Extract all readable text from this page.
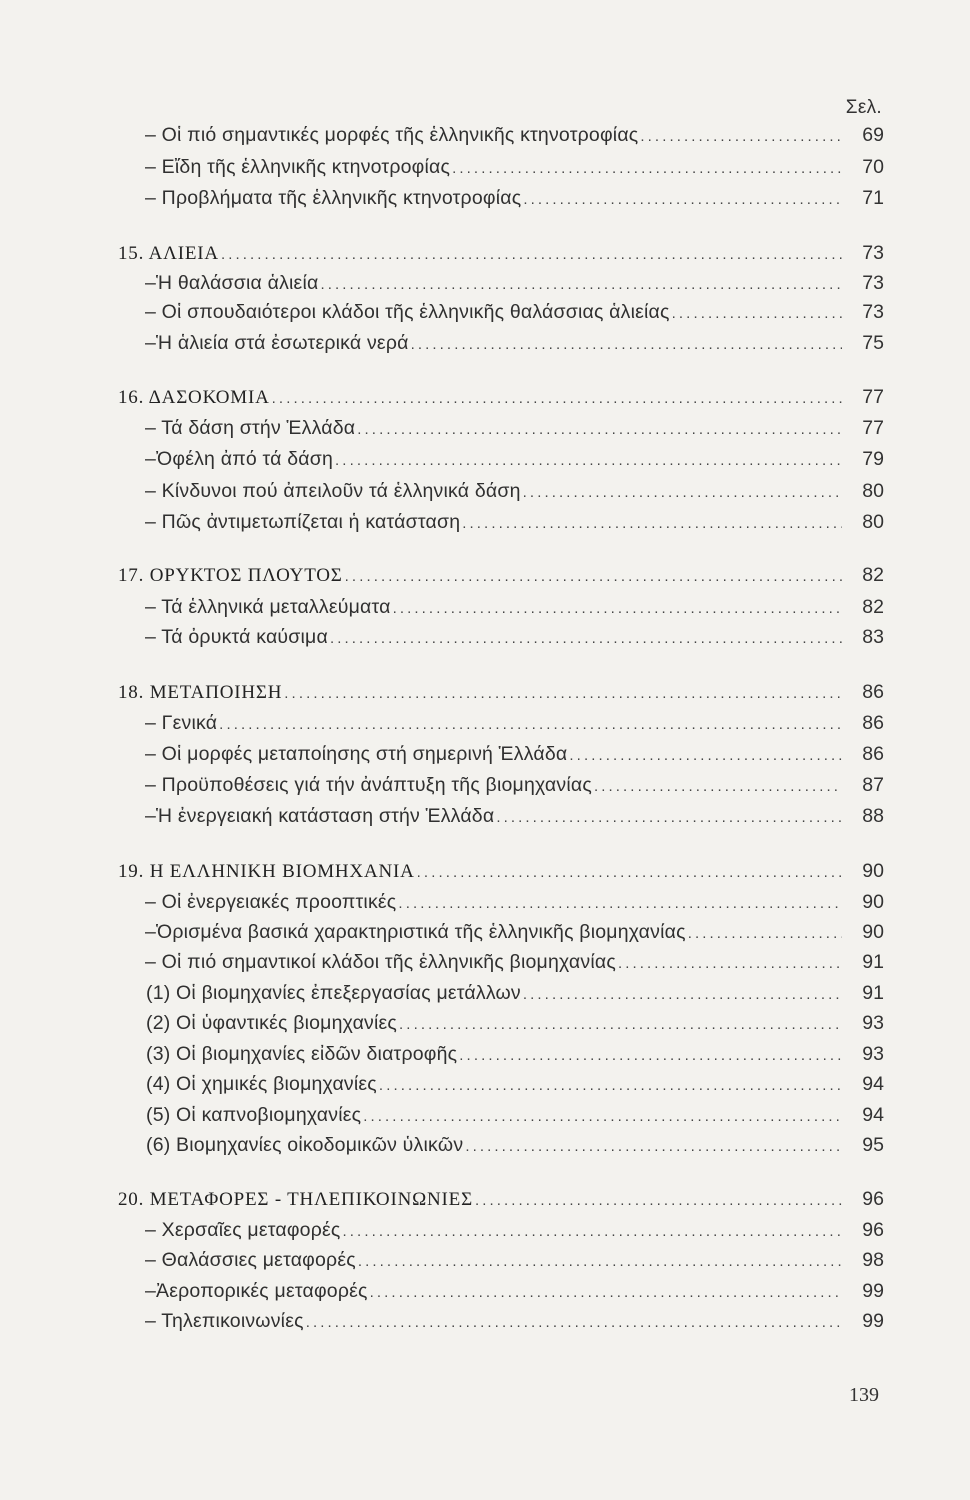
Σελ.
– Οἱ πιό σημαντικές μορφές τῆς ἑλληνικῆς κτηνοτροφίας .....	69
– Εἴδη τῆς ἑλληνικῆς κτηνοτροφίας .....	70
– Προβλήματα τῆς ἑλληνικῆς κτηνοτροφίας .....	71
15. ΑΛΙΕΙΑ .....	73
–Ἡ θαλάσσια ἁλιεία .....	73
– Οἱ σπουδαιότεροι κλάδοι τῆς ἑλληνικῆς θαλάσσιας ἁλιείας .....	73
–Ἡ ἁλιεία στά ἐσωτερικά νερά .....	75
16. ΔΑΣΟΚΟΜΙΑ .....	77
– Τά δάση στήν Ἑλλάδα .....	77
–Ὀφέλη ἀπό τά δάση .....	79
– Κίνδυνοι πού ἀπειλοῦν τά ἑλληνικά δάση .....	80
– Πῶς ἀντιμετωπίζεται ἡ κατάσταση .....	80
17. ΟΡΥΚΤΟΣ ΠΛΟΥΤΟΣ .....	82
– Τά ἑλληνικά μεταλλεύματα .....	82
– Τά ὀρυκτά καύσιμα .....	83
18. ΜΕΤΑΠΟΙΗΣΗ .....	86
– Γενικά .....	86
– Οἱ μορφές μεταποίησης στή σημερινή Ἑλλάδα .....	86
– Προϋποθέσεις γιά τήν ἀνάπτυξη τῆς βιομηχανίας .....	87
–Ἡ ἐνεργειακή κατάσταση στήν Ἑλλάδα .....	88
19. Η ΕΛΛΗΝΙΚΗ ΒΙΟΜΗΧΑΝΙΑ .....	90
– Οἱ ἐνεργειακές προοπτικές .....	90
–Ὁρισμένα βασικά χαρακτηριστικά τῆς ἑλληνικῆς βιομηχανίας .....	90
– Οἱ πιό σημαντικοί κλάδοι τῆς ἑλληνικῆς βιομηχανίας .....	91
(1) Οἱ βιομηχανίες ἐπεξεργασίας μετάλλων .....	91
(2) Οἱ ὑφαντικές βιομηχανίες .....	93
(3) Οἱ βιομηχανίες εἰδῶν διατροφῆς .....	93
(4) Οἱ χημικές βιομηχανίες .....	94
(5) Οἱ καπνοβιομηχανίες .....	94
(6) Βιομηχανίες οἰκοδομικῶν ὑλικῶν .....	95
20. ΜΕΤΑΦΟΡΕΣ - ΤΗΛΕΠΙΚΟΙΝΩΝΙΕΣ .....	96
– Χερσαῖες μεταφορές .....	96
– Θαλάσσιες μεταφορές .....	98
–Ἀεροπορικές μεταφορές .....	99
– Τηλεπικοινωνίες .....	99
139
